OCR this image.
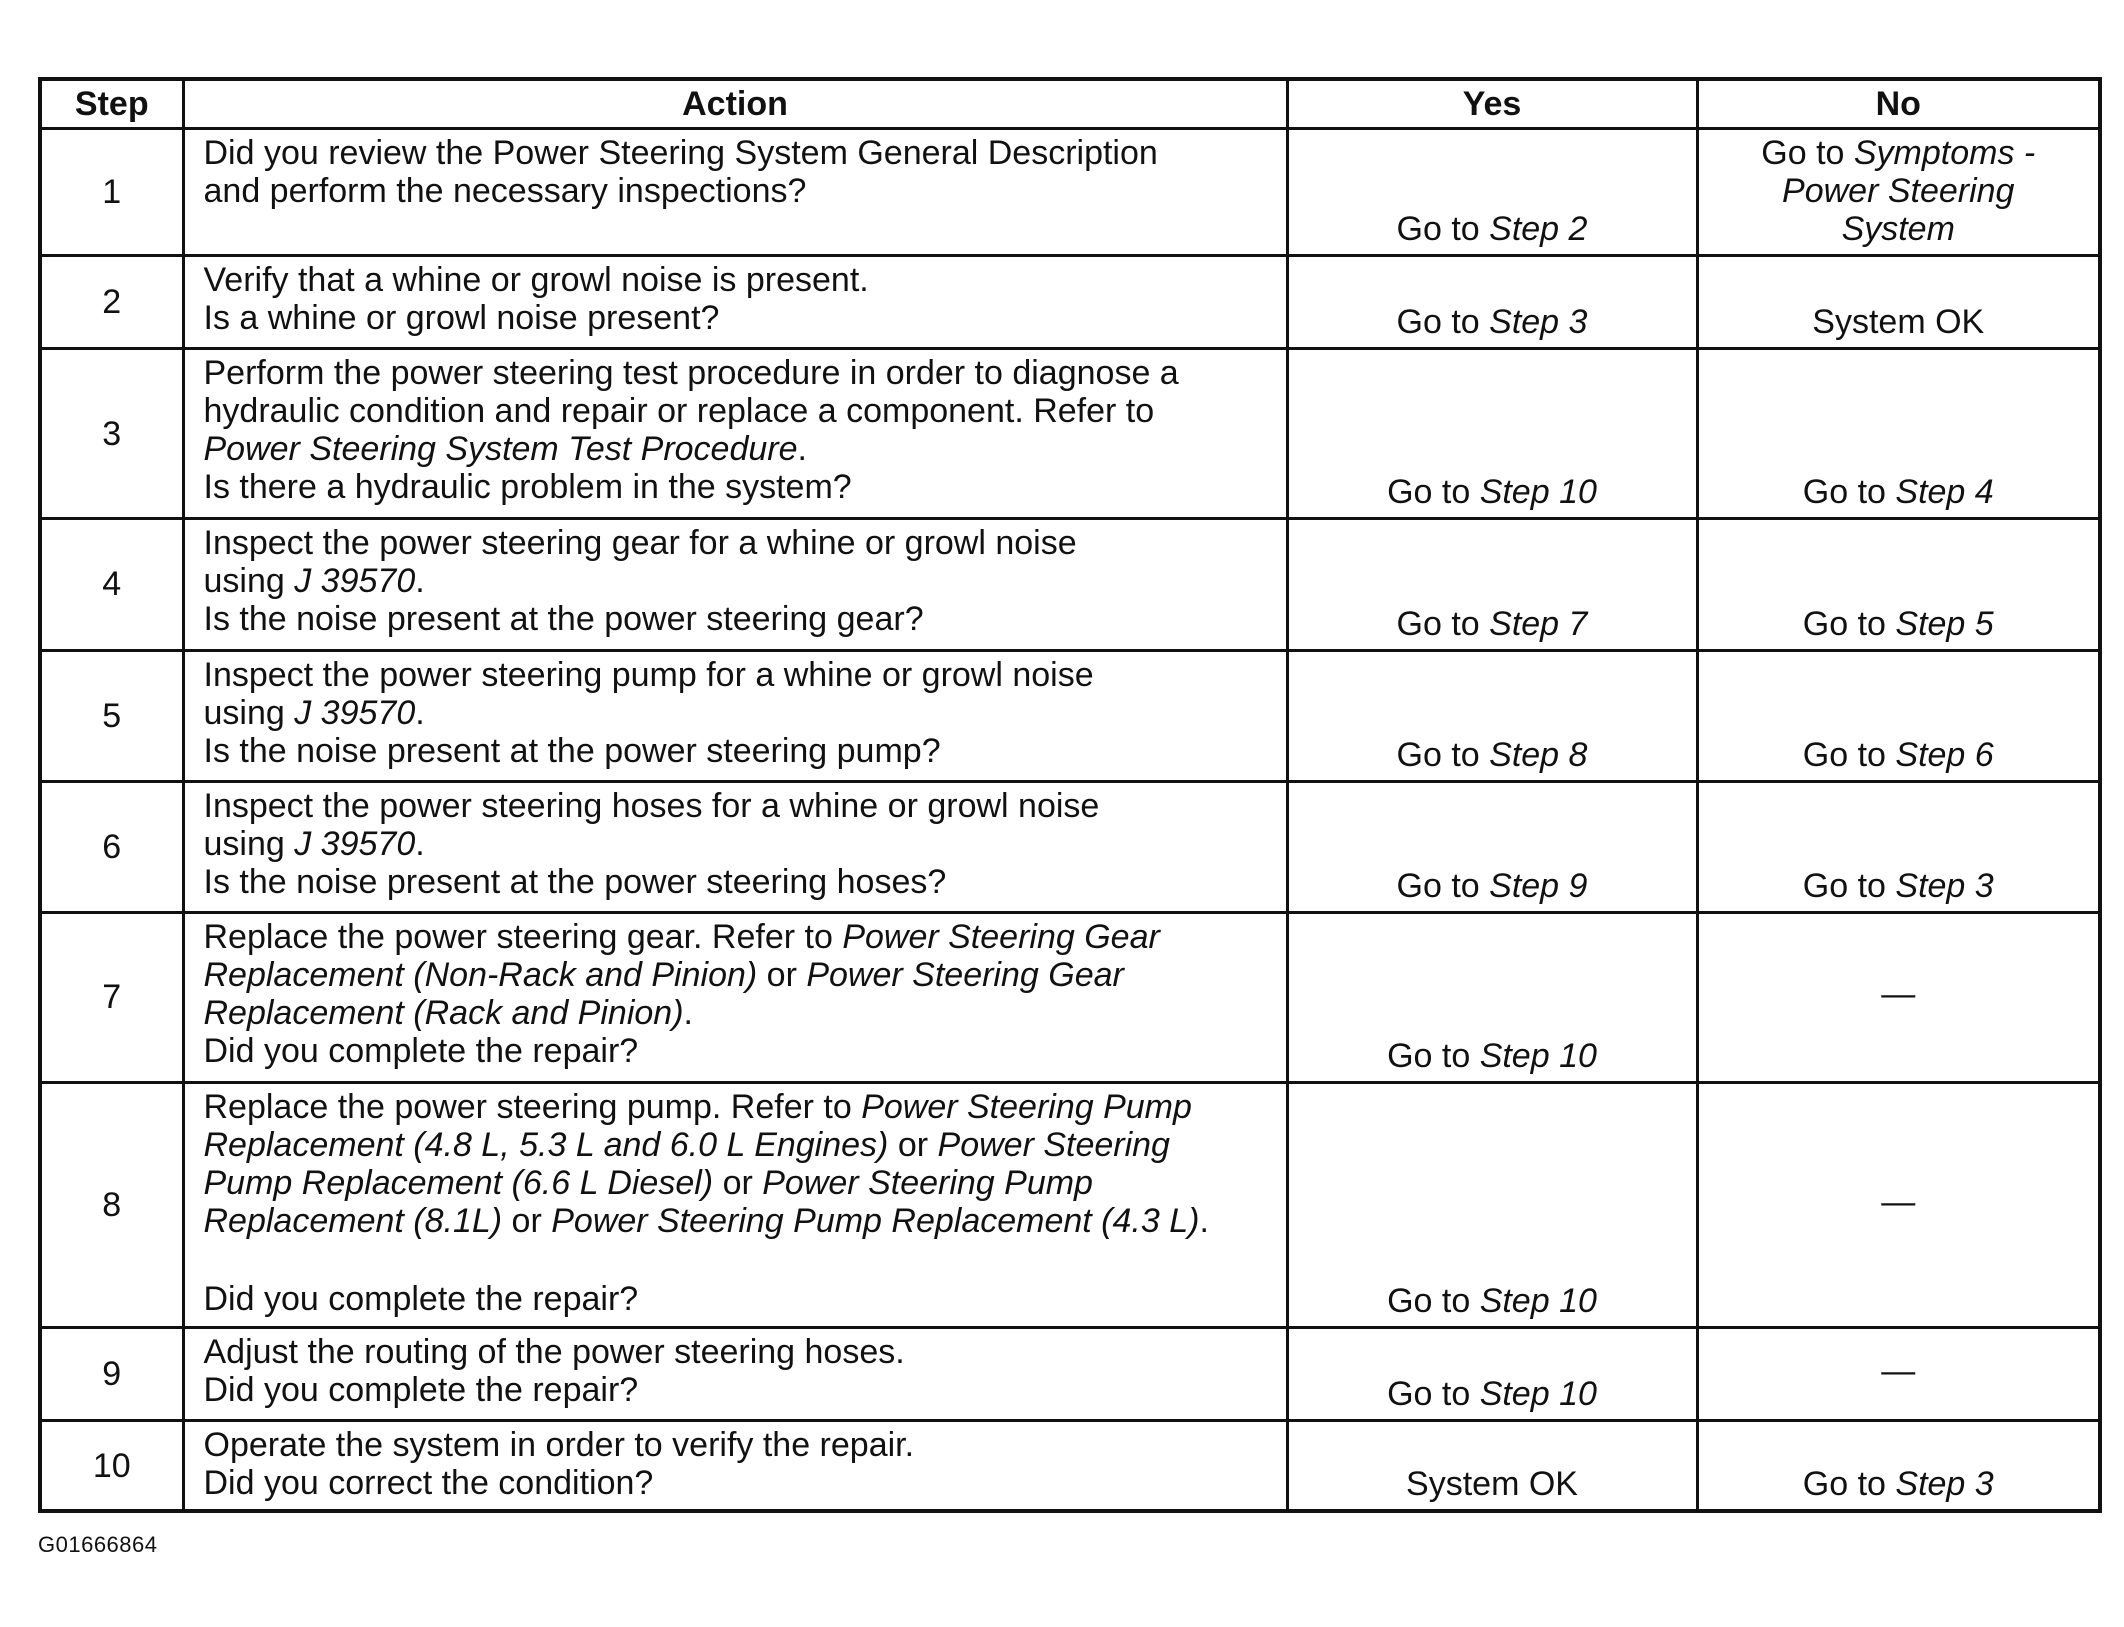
Step	Action	Yes	No
1	Did you review the Power Steering System General Description
and perform the necessary inspections?	Go to Step 2	Go to Symptoms -
Power Steering
System

2	Verify that a whine or growl noise is present.
Is a whine or growl noise present?	Go to Step 3	System OK
3	Perform the power steering test procedure in order to diagnose a
hydraulic condition and repair or replace a component. Refer to
Power Steering System Test Procedure.
Is there a hydraulic problem in the system?	Go to Step 10	Go to Step 4
4	Inspect the power steering gear for a whine or growl noise
using J 39570.
Is the noise present at the power steering gear?	Go to Step 7	Go to Step 5
5	Inspect the power steering pump for a whine or growl noise
using J 39570.
Is the noise present at the power steering pump?	Go to Step 8	Go to Step 6
6	Inspect the power steering hoses for a whine or growl noise
using J 39570.
Is the noise present at the power steering hoses?	Go to Step 9	Go to Step 3
7	Replace the power steering gear. Refer to Power Steering Gear
Replacement (Non-Rack and Pinion) or Power Steering Gear
Replacement (Rack and Pinion).
Did you complete the repair?	Go to Step 10	—
8	Replace the power steering pump. Refer to Power Steering Pump
Replacement (4.8 L, 5.3 L and 6.0 L Engines) or Power Steering
Pump Replacement (6.6 L Diesel) or Power Steering Pump
Replacement (8.1L) or Power Steering Pump Replacement (4.3 L).
Did you complete the repair?	Go to Step 10	—
9	Adjust the routing of the power steering hoses.
Did you complete the repair?	Go to Step 10	—
10	Operate the system in order to verify the repair.
Did you correct the condition?	System OK	Go to Step 3
G01666864
